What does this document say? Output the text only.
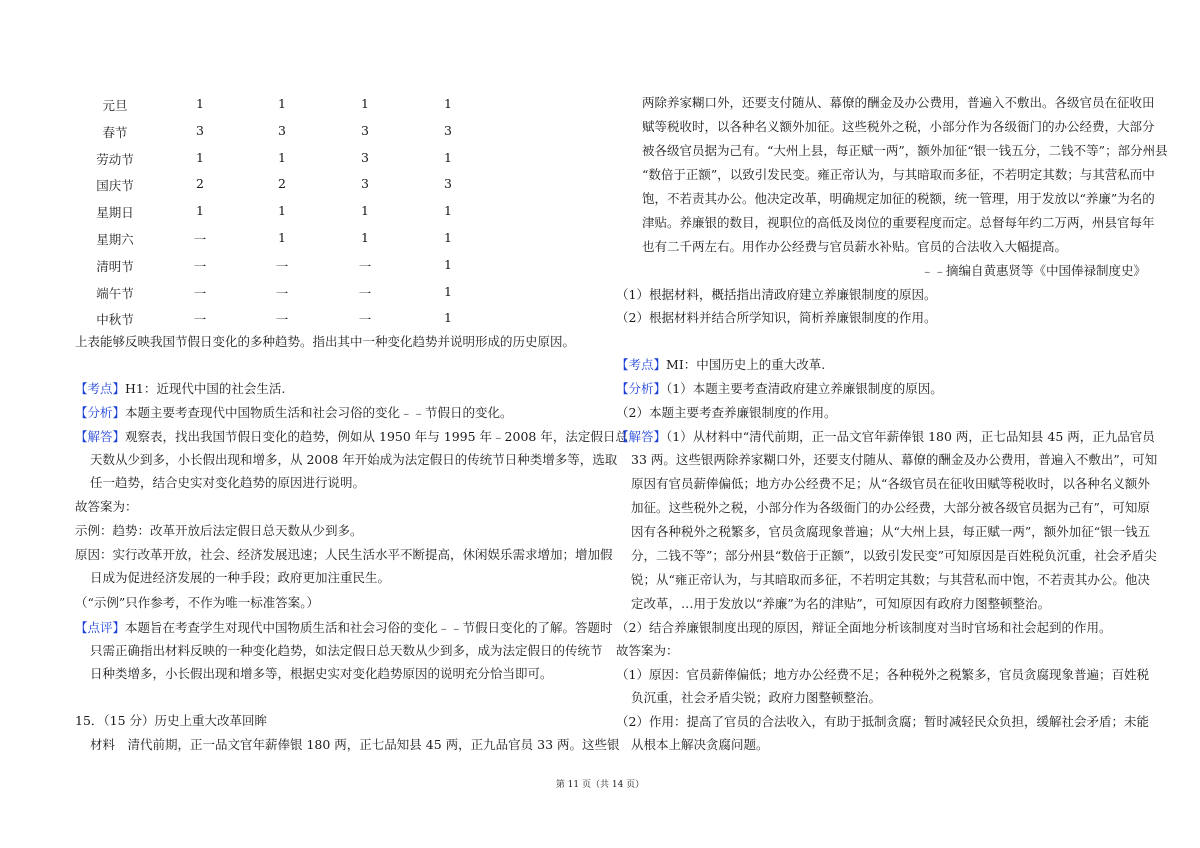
元旦	1	1	1	1
春节	3	3	3	3
劳动节	1	1	3	1
国庆节	2	2	3	3
星期日	1	1	1	1
星期六	一	1	1	1
清明节	一	一	一	1
端午节	一	一	一	1
中秋节	一	一	一	1
上表能够反映我国节假日变化的多种趋势。指出其中一种变化趋势并说明形成的历史原因。
【考点】H1：近现代中国的社会生活.
【分析】本题主要考查现代中国物质生活和社会习俗的变化﹣﹣节假日的变化。
【解答】观察表，找出我国节假日变化的趋势，例如从 1950 年与 1995 年﹣2008 年，法定假日总
天数从少到多，小长假出现和增多，从 2008 年开始成为法定假日的传统节日种类增多等，选取
任一趋势，结合史实对变化趋势的原因进行说明。
故答案为：
示例：趋势：改革开放后法定假日总天数从少到多。
原因：实行改革开放，社会、经济发展迅速；人民生活水平不断提高，休闲娱乐需求增加；增加假
日成为促进经济发展的一种手段；政府更加注重民生。
（“示例”只作参考，不作为唯一标准答案。）
【点评】本题旨在考查学生对现代中国物质生活和社会习俗的变化﹣﹣节假日变化的了解。答题时
只需正确指出材料反映的一种变化趋势，如法定假日总天数从少到多，成为法定假日的传统节
日种类增多，小长假出现和增多等，根据史实对变化趋势原因的说明充分恰当即可。
15．（15 分）历史上重大改革回眸
材料　清代前期，正一品文官年薪俸银 180 两，正七品知县 45 两，正九品官员 33 两。这些银
两除养家糊口外，还要支付随从、幕僚的酬金及办公费用，普遍入不敷出。各级官员在征收田
赋等税收时，以各种名义额外加征。这些税外之税，小部分作为各级衙门的办公经费，大部分
被各级官员据为己有。“大州上县，每正赋一两”，额外加征“银一钱五分，二钱不等”；部分州县
“数倍于正额”，以致引发民变。雍正帝认为，与其暗取而多征，不若明定其数；与其营私而中
饱，不若责其办公。他决定改革，明确规定加征的税额，统一管理，用于发放以“养廉”为名的
津贴。养廉银的数目，视职位的高低及岗位的重要程度而定。总督每年约二万两，州县官每年
也有二千两左右。用作办公经费与官员薪水补贴。官员的合法收入大幅提高。
﹣﹣摘编自黄惠贤等《中国俸禄制度史》
（1）根据材料，概括指出清政府建立养廉银制度的原因。
（2）根据材料并结合所学知识，简析养廉银制度的作用。
【考点】MI：中国历史上的重大改革.
【分析】（1）本题主要考查清政府建立养廉银制度的原因。
（2）本题主要考查养廉银制度的作用。
【解答】（1）从材料中“清代前期，正一品文官年薪俸银 180 两，正七品知县 45 两，正九品官员
33 两。这些银两除养家糊口外，还要支付随从、幕僚的酬金及办公费用，普遍入不敷出”，可知
原因有官员薪俸偏低；地方办公经费不足；从“各级官员在征收田赋等税收时，以各种名义额外
加征。这些税外之税，小部分作为各级衙门的办公经费，大部分被各级官员据为己有”，可知原
因有各种税外之税繁多，官员贪腐现象普遍；从“大州上县，每正赋一两”，额外加征“银一钱五
分，二钱不等”；部分州县“数倍于正额”，以致引发民变”可知原因是百姓税负沉重，社会矛盾尖
锐；从“雍正帝认为，与其暗取而多征，不若明定其数；与其营私而中饱，不若责其办公。他决
定改革，…用于发放以“养廉”为名的津贴”，可知原因有政府力图整顿整治。
（2）结合养廉银制度出现的原因，辩证全面地分析该制度对当时官场和社会起到的作用。
故答案为：
（1）原因：官员薪俸偏低；地方办公经费不足；各种税外之税繁多，官员贪腐现象普遍；百姓税
负沉重，社会矛盾尖锐；政府力图整顿整治。
（2）作用：提高了官员的合法收入，有助于抵制贪腐；暂时减轻民众负担，缓解社会矛盾；未能
从根本上解决贪腐问题。
第 11 页（共 14 页）
